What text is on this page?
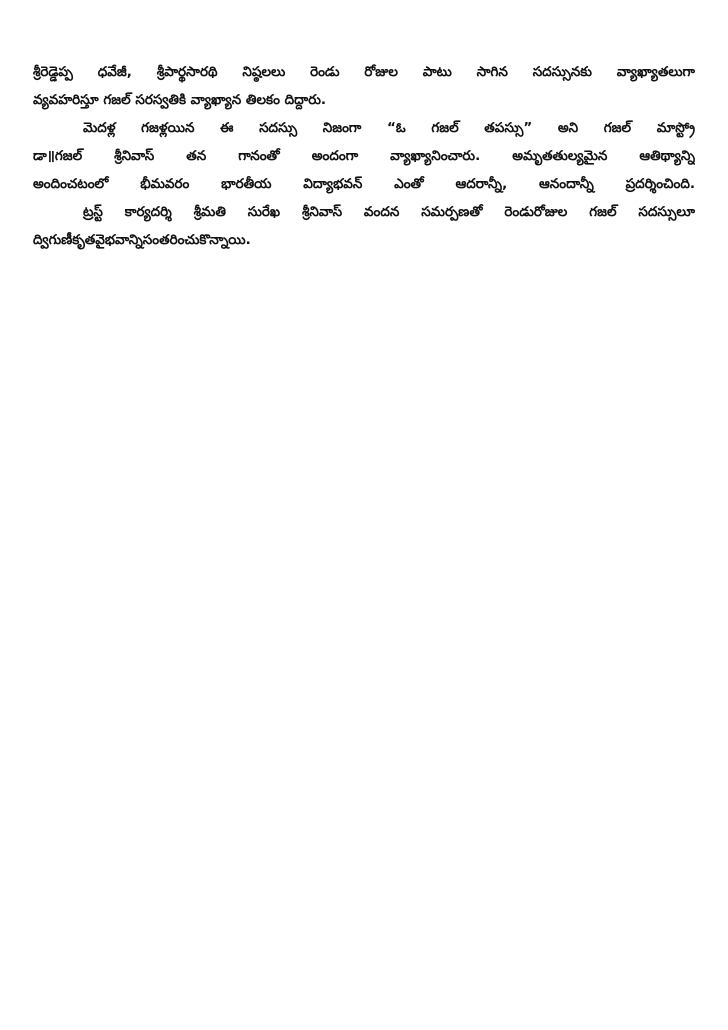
శ్రీరెడ్డెప్ప ధవేజీ, శ్రీపార్థసారథి నిష్ఠలలు రెండు రోజుల పాటు సాగిన సదస్సునకు వ్యాఖ్యాతలుగా
వ్యవహరిస్తూ గజల్ సరస్వతికి వ్యాఖ్యాన తిలకం దిద్దారు.
మెదళ్ల గజళ్లయిన ఈ సదస్సు నిజంగా “ఓ గజల్ తపస్సు” అని గజల్ మాస్ట్రో
డా॥గజల్ శ్రీనివాస్ తన గానంతో అందంగా వ్యాఖ్యానించారు. అమృతతుల్యమైన ఆతిథ్యాన్ని
అందించటంలో భీమవరం భారతీయ విద్యాభవన్ ఎంతో ఆదరాన్నీ, ఆనందాన్నీ ప్రదర్శించింది.
ట్రస్ట్ కార్యదర్శి శ్రీమతి సురేఖ శ్రీనివాస్ వందన సమర్పణతో రెండురోజుల గజల్ సదస్సులూ
ద్విగుణీకృతవైభవాన్నిసంతరించుకొన్నాయి.
